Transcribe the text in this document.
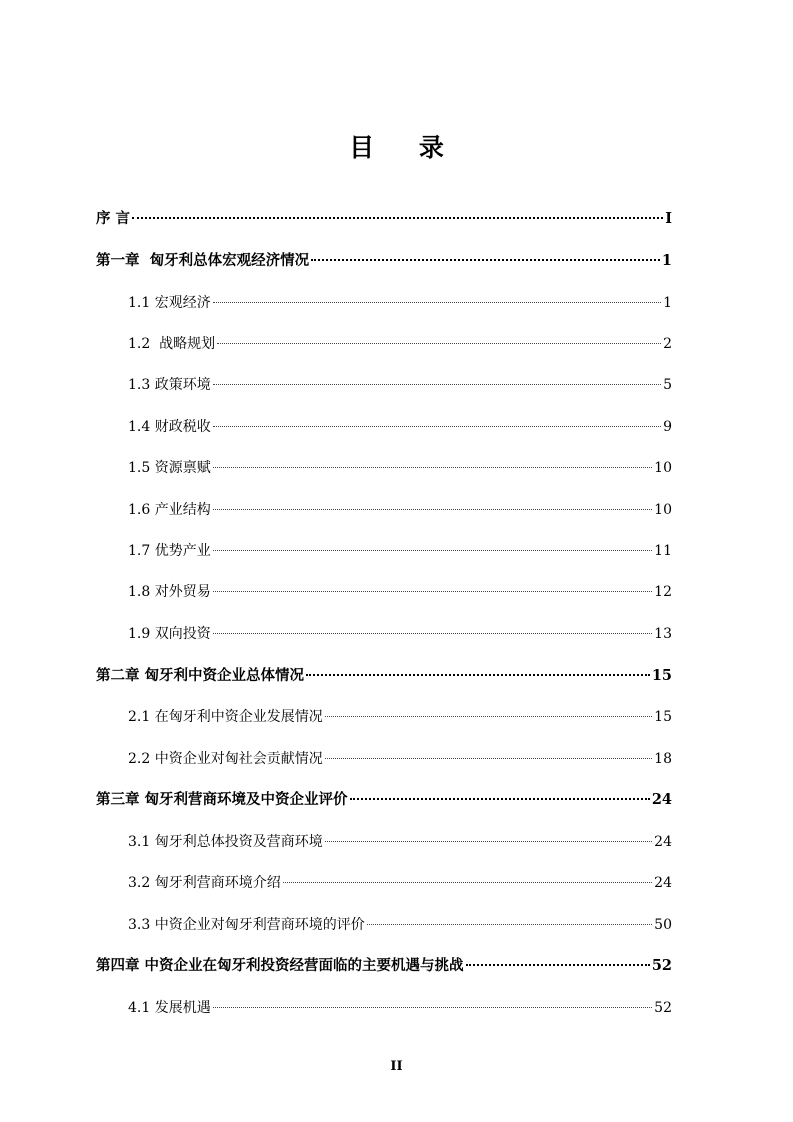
目 录
序 言	I
第一章  匈牙利总体宏观经济情况	1
1.1 宏观经济	1
1.2  战略规划	2
1.3 政策环境	5
1.4 财政税收	9
1.5 资源禀赋	10
1.6 产业结构	10
1.7 优势产业	11
1.8 对外贸易	12
1.9 双向投资	13
第二章 匈牙利中资企业总体情况	15
2.1 在匈牙利中资企业发展情况	15
2.2 中资企业对匈社会贡献情况	18
第三章 匈牙利营商环境及中资企业评价	24
3.1 匈牙利总体投资及营商环境	24
3.2 匈牙利营商环境介绍	24
3.3 中资企业对匈牙利营商环境的评价	50
第四章 中资企业在匈牙利投资经营面临的主要机遇与挑战	52
4.1 发展机遇	52
II
